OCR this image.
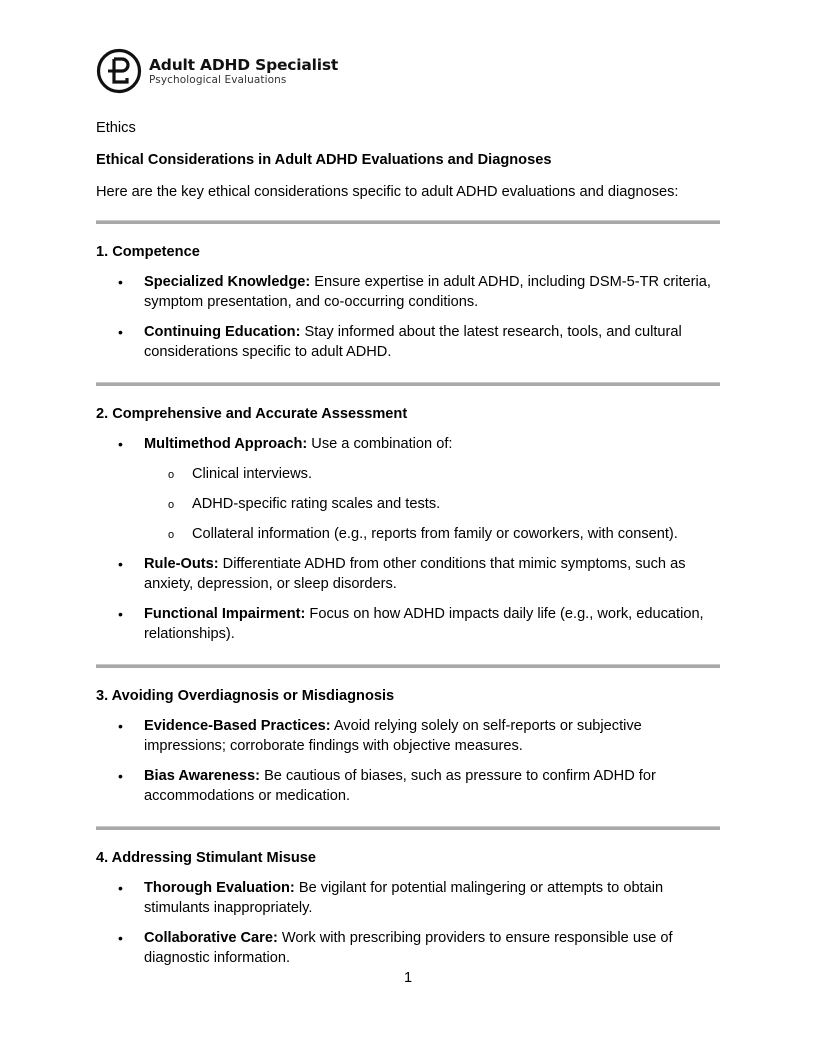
Adult ADHD Specialist
Psychological Evaluations

Ethics

Ethical Considerations in Adult ADHD Evaluations and Diagnoses

Here are the key ethical considerations specific to adult ADHD evaluations and diagnoses:

1. Competence

• Specialized Knowledge: Ensure expertise in adult ADHD, including DSM-5-TR criteria, symptom presentation, and co-occurring conditions.
• Continuing Education: Stay informed about the latest research, tools, and cultural considerations specific to adult ADHD.

2. Comprehensive and Accurate Assessment

• Multimethod Approach: Use a combination of:
o Clinical interviews.
o ADHD-specific rating scales and tests.
o Collateral information (e.g., reports from family or coworkers, with consent).
• Rule-Outs: Differentiate ADHD from other conditions that mimic symptoms, such as anxiety, depression, or sleep disorders.
• Functional Impairment: Focus on how ADHD impacts daily life (e.g., work, education, relationships).

3. Avoiding Overdiagnosis or Misdiagnosis

• Evidence-Based Practices: Avoid relying solely on self-reports or subjective impressions; corroborate findings with objective measures.
• Bias Awareness: Be cautious of biases, such as pressure to confirm ADHD for accommodations or medication.

4. Addressing Stimulant Misuse

• Thorough Evaluation: Be vigilant for potential malingering or attempts to obtain stimulants inappropriately.
• Collaborative Care: Work with prescribing providers to ensure responsible use of diagnostic information.
1
